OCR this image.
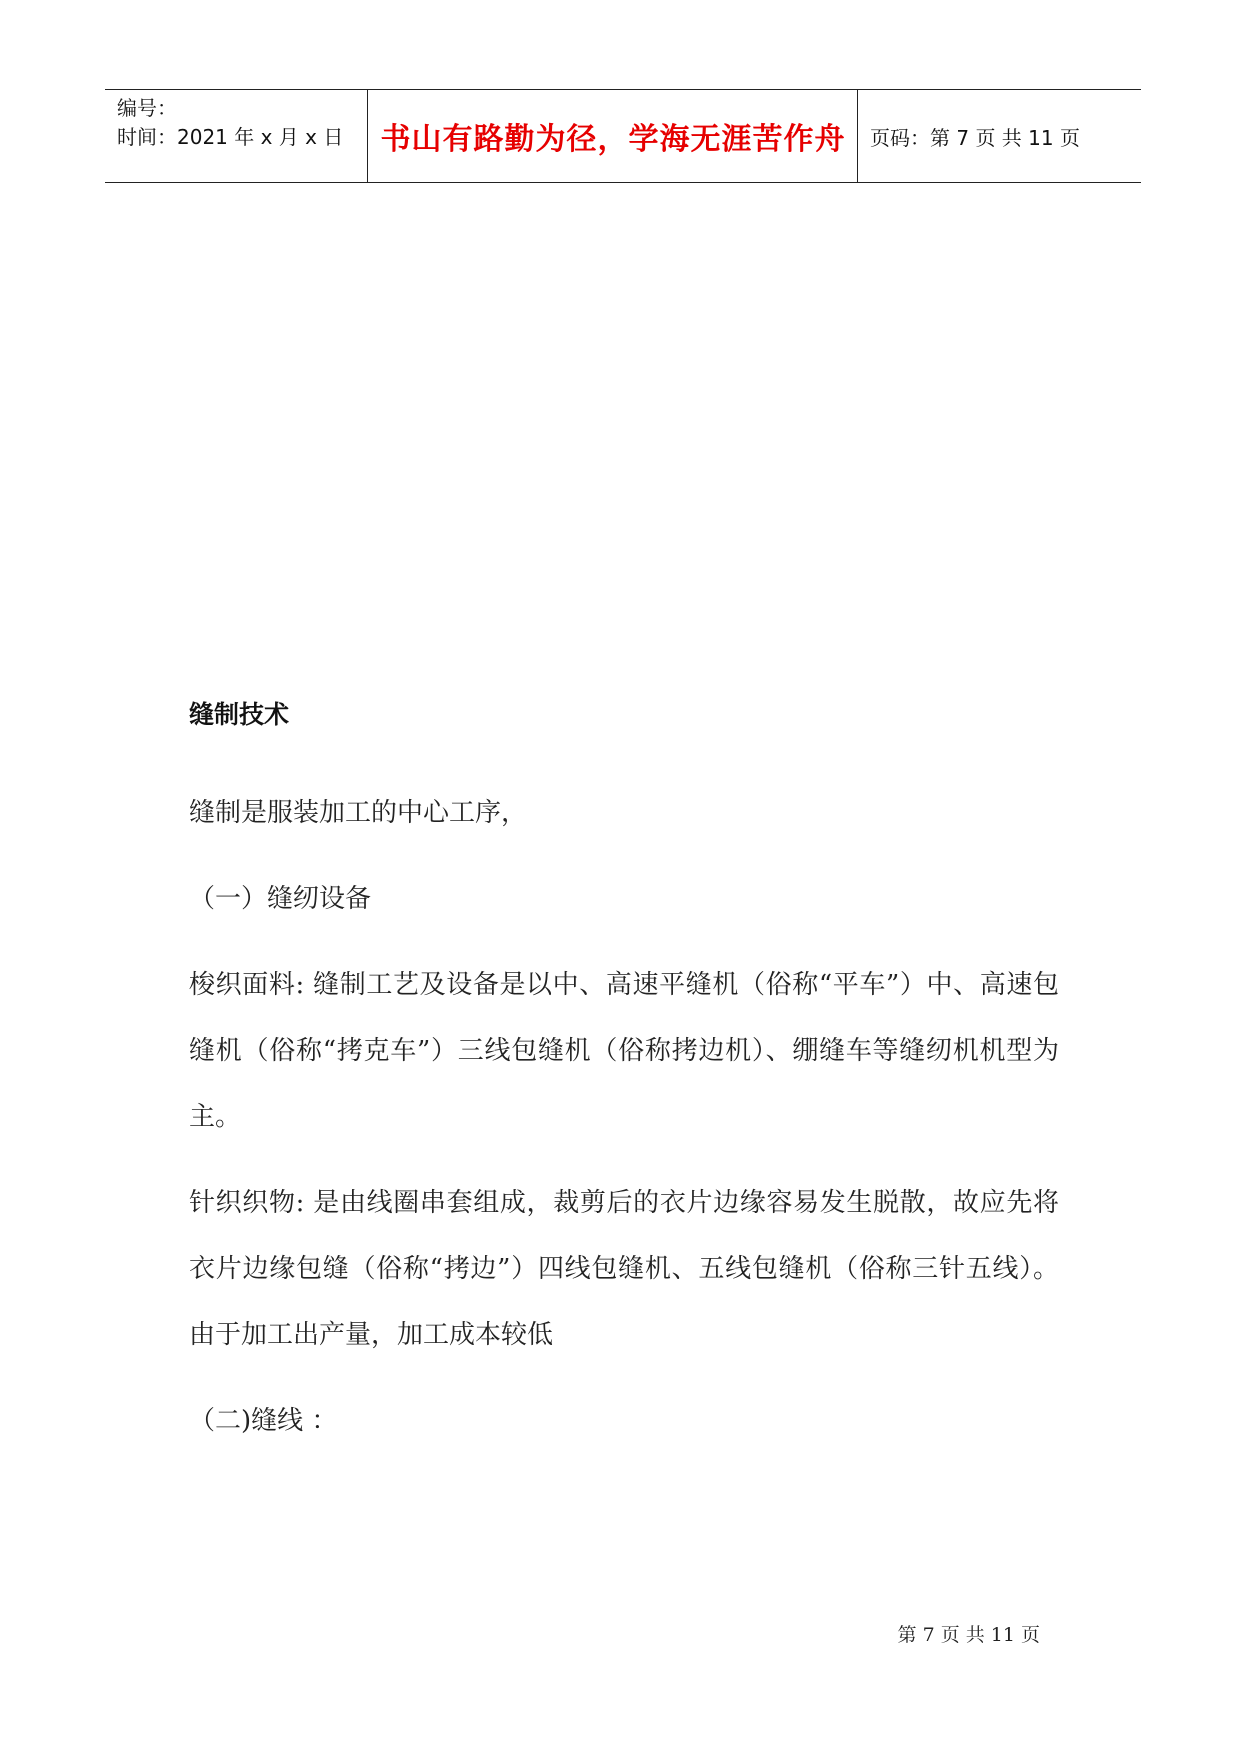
编号：
时间：2021 年 x 月 x 日	书山有路勤为径，学海无涯苦作舟	页码：第 7 页 共 11 页
缝制技术

缝制是服装加工的中心工序，

（一）缝纫设备

梭织面料: 缝制工艺及设备是以中、高速平缝机（俗称“平车”）中、高速包缝机（俗称“拷克车”）三线包缝机（俗称拷边机）、绷缝车等缝纫机机型为主。

针织织物: 是由线圈串套组成，裁剪后的衣片边缘容易发生脱散，故应先将衣片边缘包缝（俗称“拷边”）四线包缝机、五线包缝机（俗称三针五线）。由于加工出产量，加工成本较低

（二)缝线 ：

第 7 页 共 11 页
